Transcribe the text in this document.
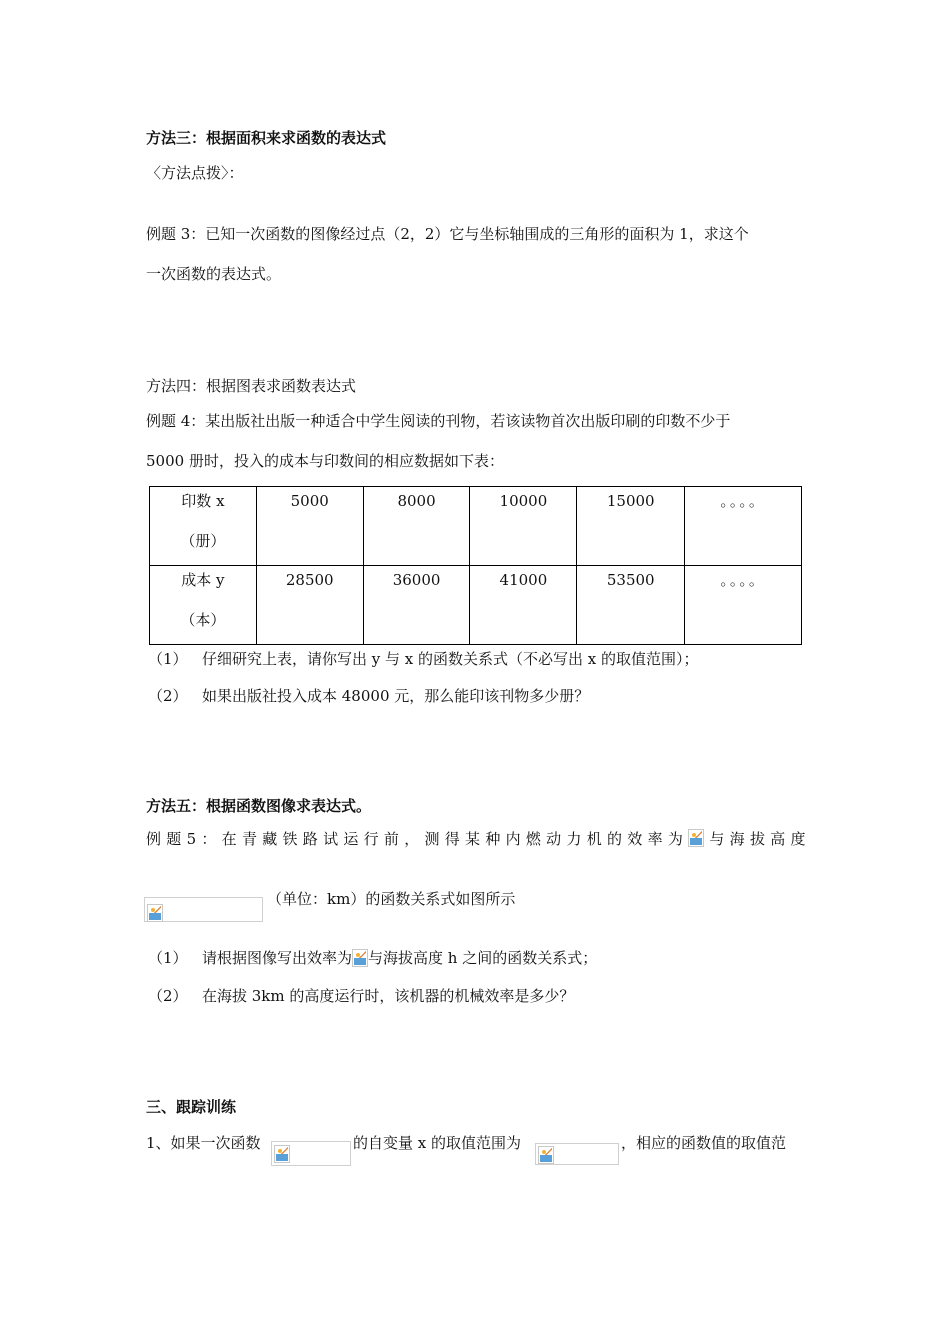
方法三：根据面积来求函数的表达式
〈方法点拨〉：
例题 3：已知一次函数的图像经过点（2，2）它与坐标轴围成的三角形的面积为 1，求这个
一次函数的表达式。
方法四：根据图表求函数表达式
例题 4：某出版社出版一种适合中学生阅读的刊物，若该读物首次出版印刷的印数不少于
5000 册时，投入的成本与印数间的相应数据如下表：
印数 x
（册）	5000	8000	10000	15000	。。。。

成本 y
（本）	28500	36000	41000	53500	。。。。
（1） 仔细研究上表，请你写出 y 与 x 的函数关系式（不必写出 x 的取值范围）；
（2） 如果出版社投入成本 48000 元，那么能印该刊物多少册？
方法五：根据函数图像求表达式。
例 题 5 ： 在 青 藏 铁 路 试 运 行 前 ， 测 得 某 种 内 燃 动 力 机 的 效 率 为 与 海 拔 高 度
（单位：km）的函数关系式如图所示
（1） 请根据图像写出效率为 与海拔高度 h 之间的函数关系式；
（2） 在海拔 3km 的高度运行时，该机器的机械效率是多少？
三、跟踪训练
1、如果一次函数	的自变量 x 的取值范围为	，相应的函数值的取值范
